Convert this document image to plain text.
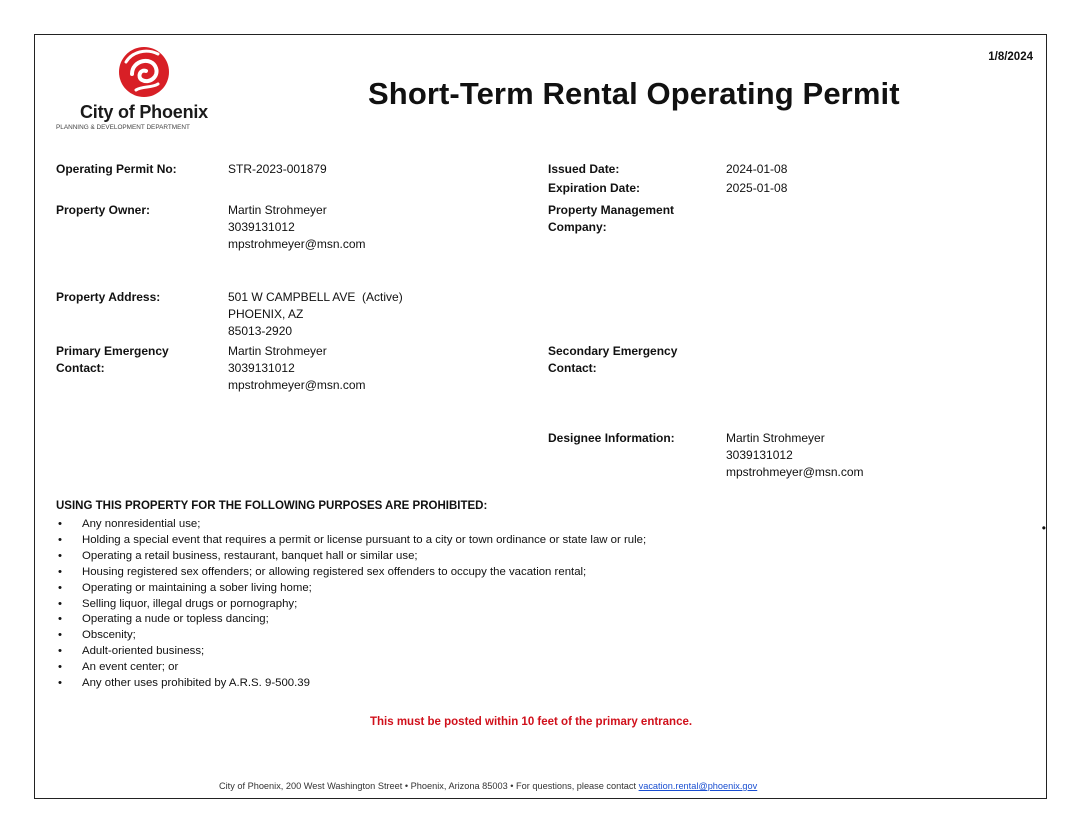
1/8/2024
City of Phoenix
PLANNING & DEVELOPMENT DEPARTMENT
Short-Term Rental Operating Permit
Operating Permit No:	STR-2023-001879
Property Owner:	Martin Strohmeyer
3039131012
mpstrohmeyer@msn.com
Property Address:	501 W CAMPBELL AVE  (Active)
PHOENIX, AZ
85013-2920
Primary Emergency
Contact:
Martin Strohmeyer
3039131012
mpstrohmeyer@msn.com
Issued Date:	2024-01-08
Expiration Date:	2025-01-08
Property Management
Company:
Secondary Emergency
Contact:
Designee Information:	Martin Strohmeyer
3039131012
mpstrohmeyer@msn.com
USING THIS PROPERTY FOR THE FOLLOWING PURPOSES ARE PROHIBITED:
• Any nonresidential use;
• Holding a special event that requires a permit or license pursuant to a city or town ordinance or state law or rule;
• Operating a retail business, restaurant, banquet hall or similar use;
• Housing registered sex offenders; or allowing registered sex offenders to occupy the vacation rental;
• Operating or maintaining a sober living home;
• Selling liquor, illegal drugs or pornography;
• Operating a nude or topless dancing;
• Obscenity;
• Adult-oriented business;
• An event center; or
• Any other uses prohibited by A.R.S. 9-500.39
•
This must be posted within 10 feet of the primary entrance.
City of Phoenix, 200 West Washington Street • Phoenix, Arizona 85003 • For questions, please contact vacation.rental@phoenix.gov
